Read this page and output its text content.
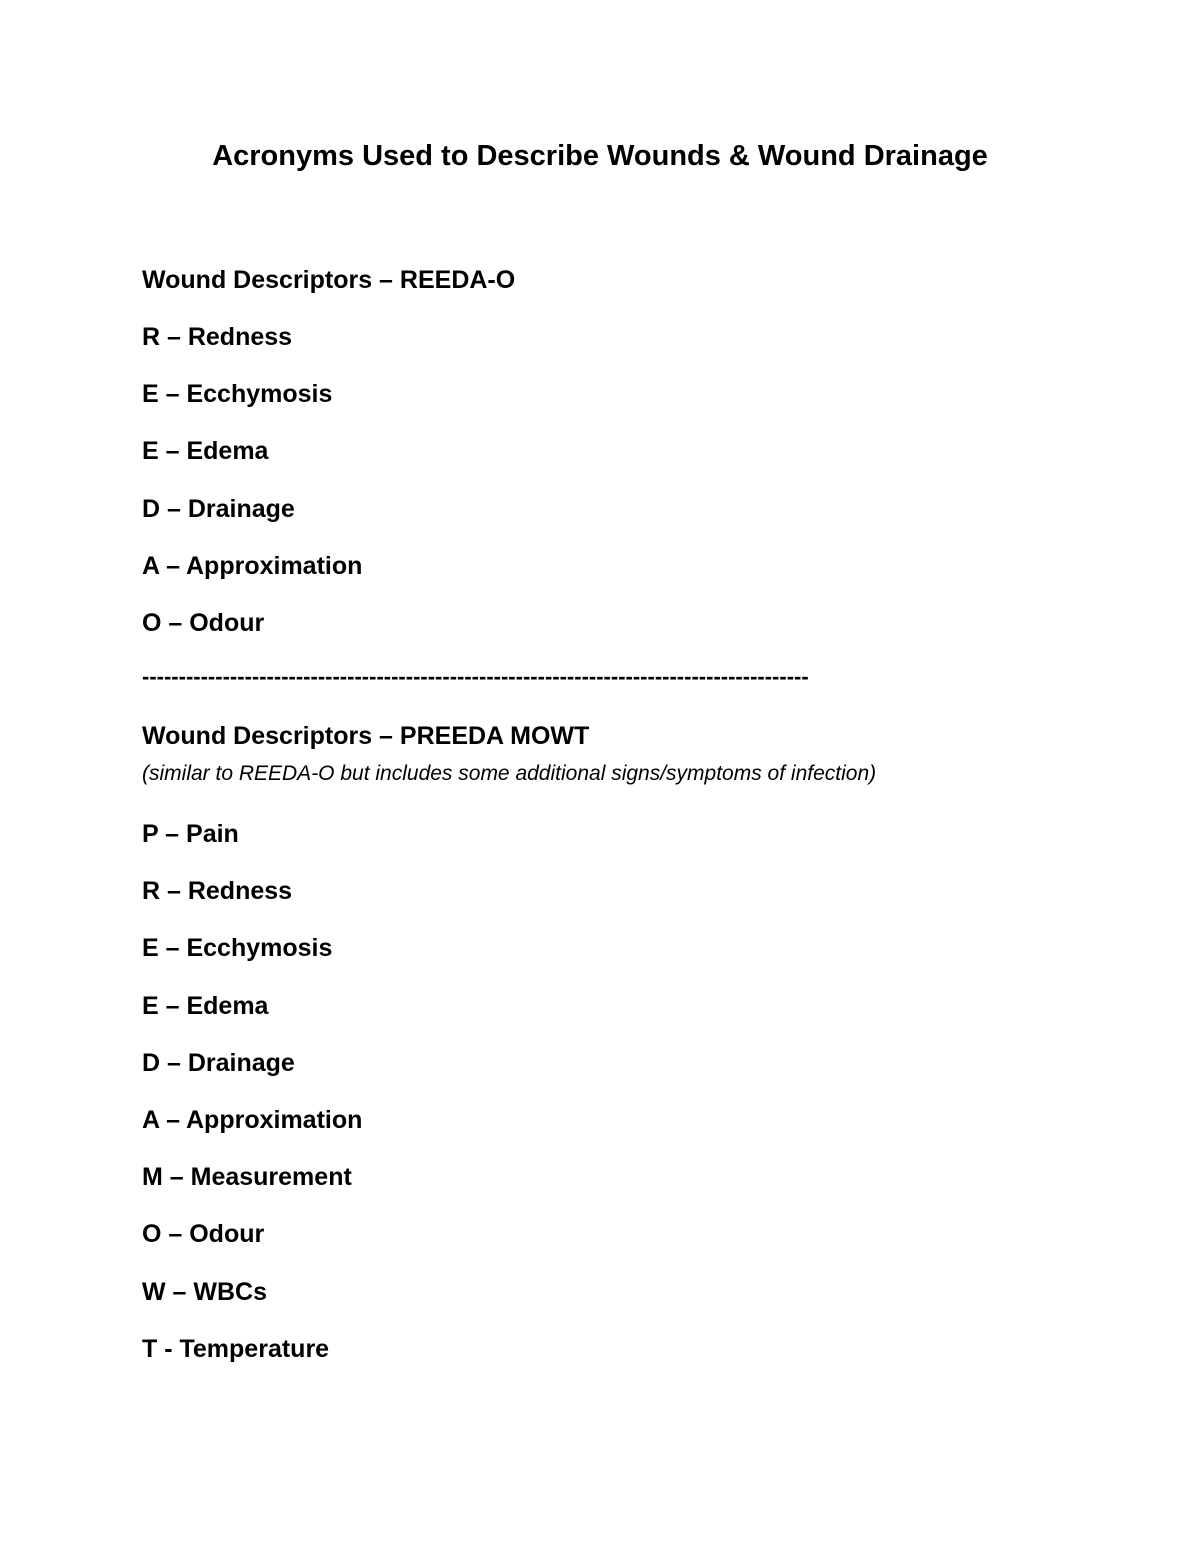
Acronyms Used to Describe Wounds & Wound Drainage

Wound Descriptors – REEDA-O

R – Redness
E – Ecchymosis
E – Edema
D – Drainage
A – Approximation
O – Odour
-------------------------------------------------------------------------------------------

Wound Descriptors – PREEDA MOWT

(similar to REEDA-O but includes some additional signs/symptoms of infection)

P – Pain
R – Redness
E – Ecchymosis
E – Edema
D – Drainage
A – Approximation
M – Measurement
O – Odour
W – WBCs
T - Temperature
